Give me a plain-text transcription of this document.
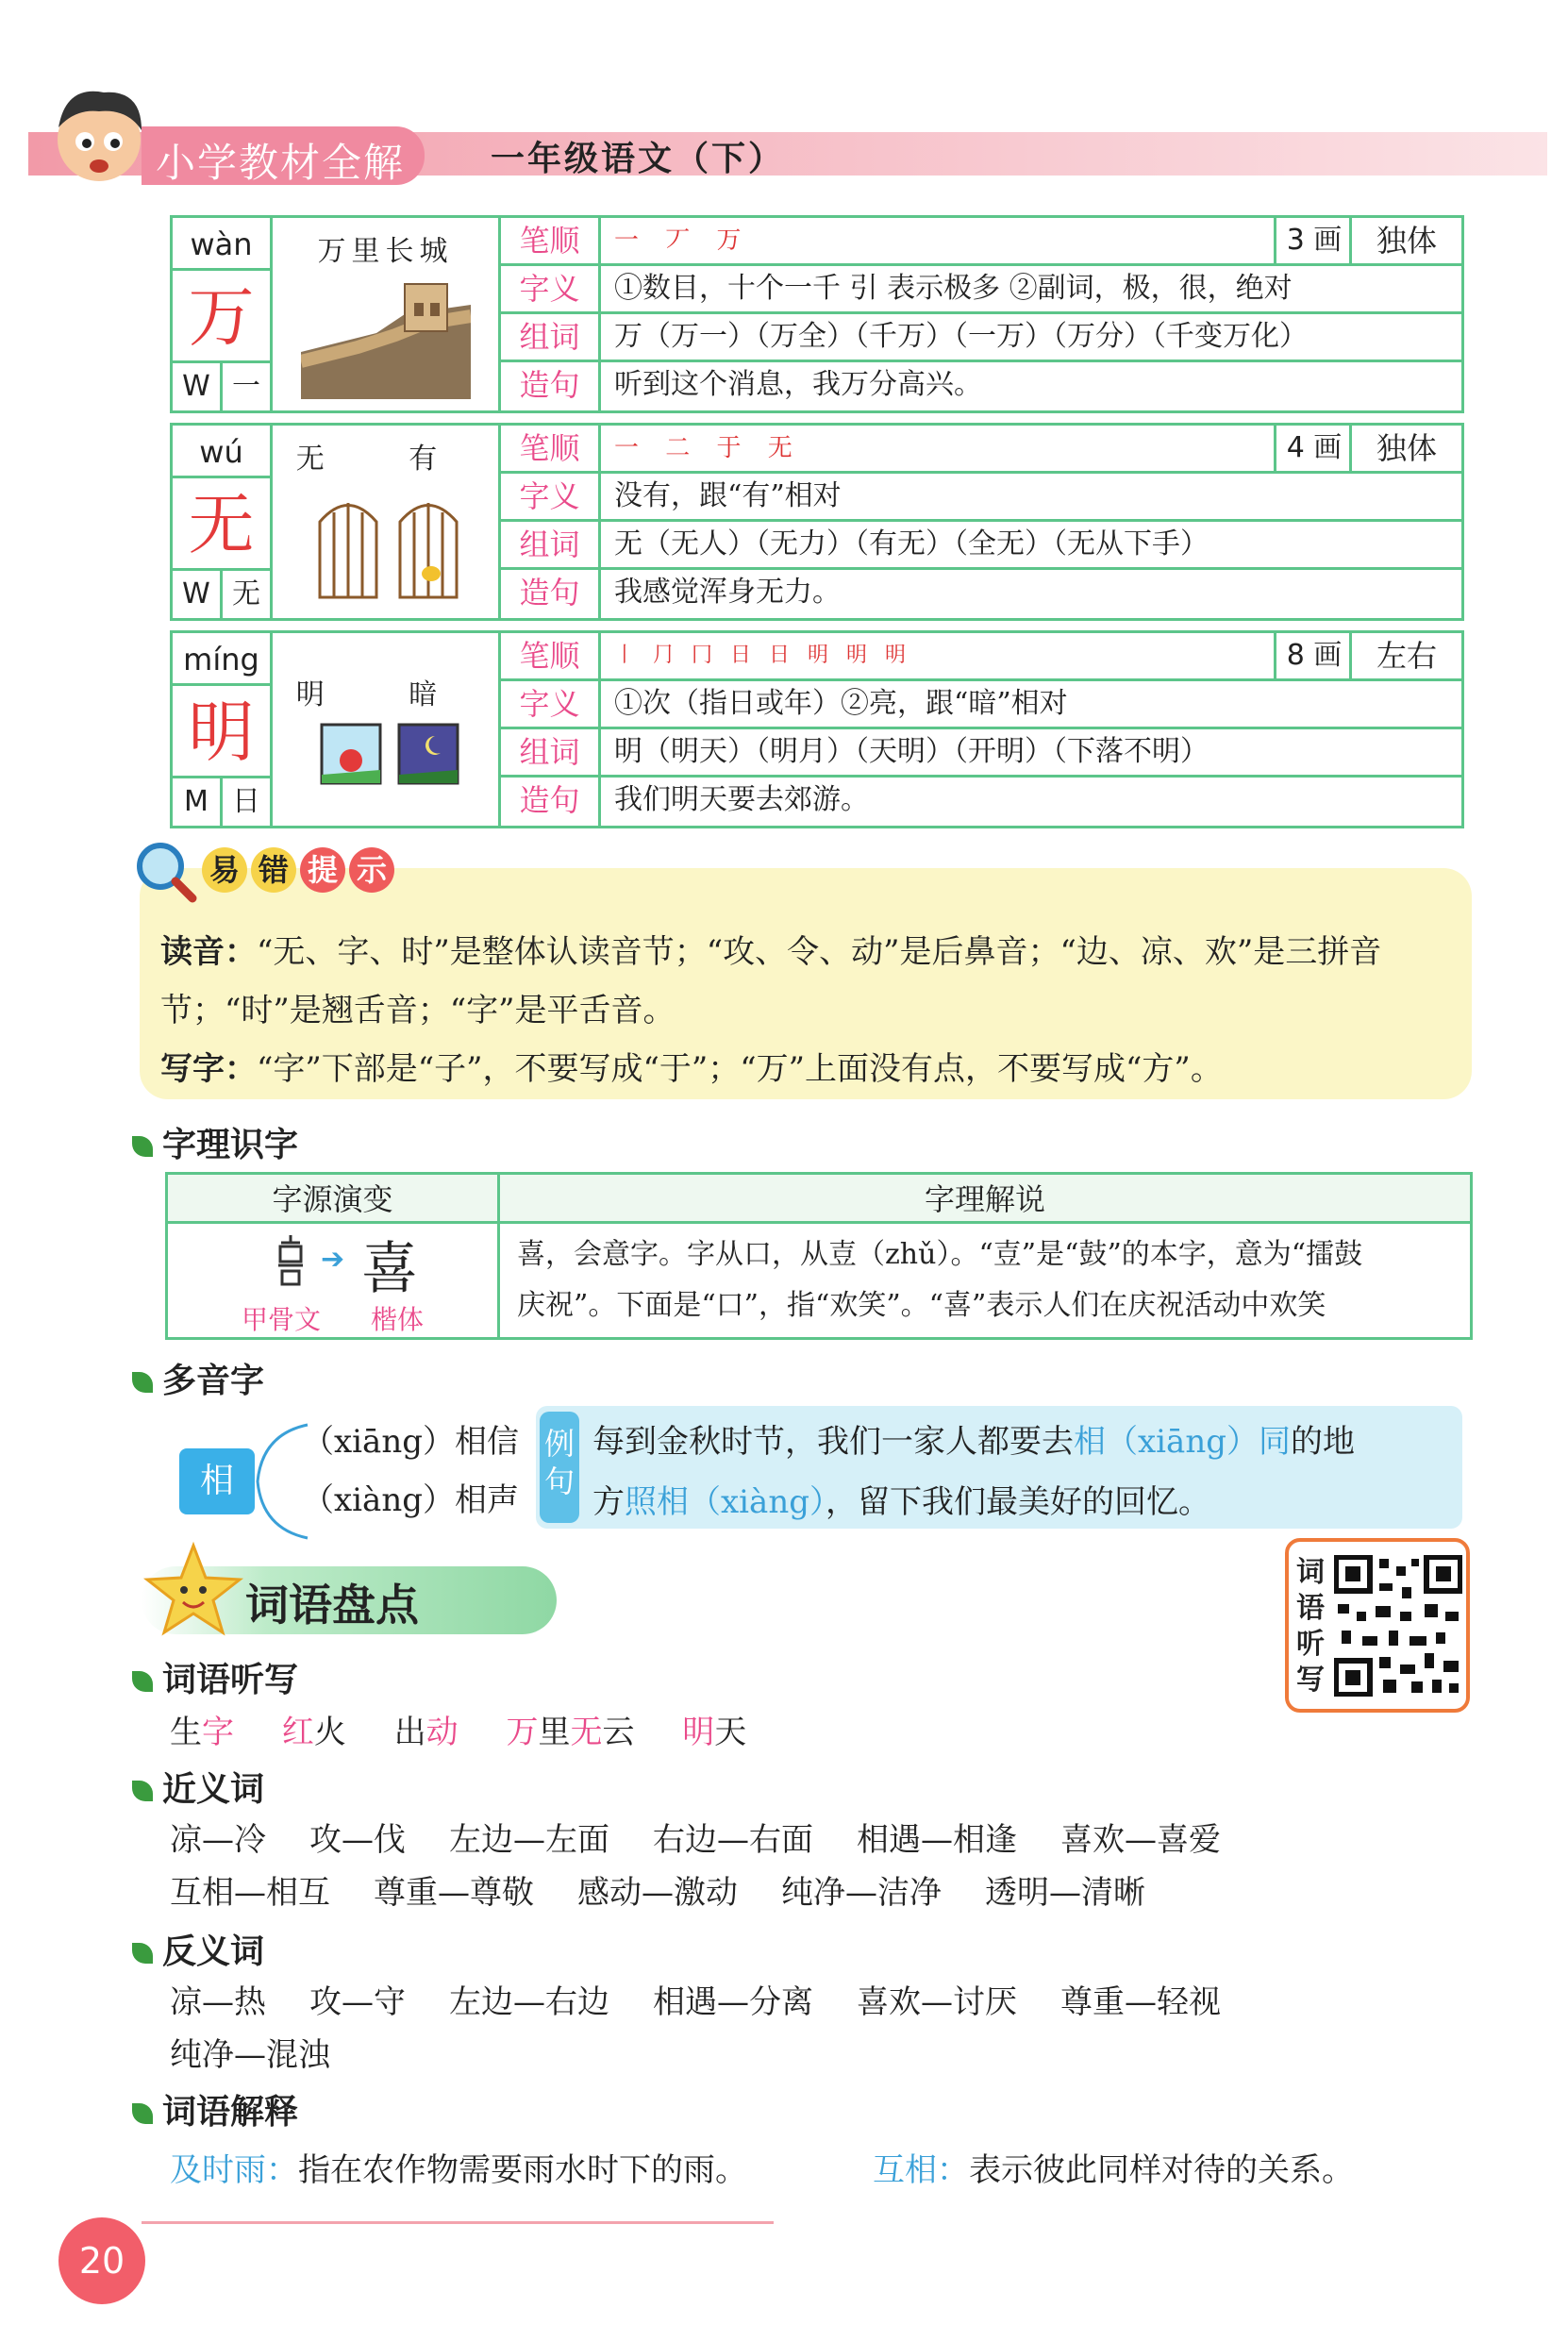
小学教材全解	一年级语文（下）
wàn
万
W 一
万里长城	笔顺	一 丆 万	3 画	独体
字义	①数目，十个一千 引 表示极多 ②副词，极，很，绝对
组词	万（万一）（万全）（千万）（一万）（万分）（千变万化）
造句	听到这个消息，我万分高兴。
wú
无
W 无
无 有	笔顺	一 二 于 无	4 画	独体
字义	没有，跟“有”相对
组词	无（无人）（无力）（有无）（全无）（无从下手）
造句	我感觉浑身无力。
míng
明
M 日
明 暗
笔顺	丨 ⺆ 冂 日 日 明 明 明	8 画	左右
字义	①次（指日或年）②亮，跟“暗”相对
组词	明（明天）（明月）（天明）（开明）（下落不明）
造句	我们明天要去郊游。
易 错 提 示
读音：“无、字、时”是整体认读音节；“攻、令、动”是后鼻音；“边、凉、欢”是三拼音
节；“时”是翘舌音；“字”是平舌音。
写字：“字”下部是“子”，不要写成“于”；“万”上面没有点，不要写成“方”。
字理识字
字源演变	字理解说
➔ 喜
甲骨文 楷体
喜，会意字。字从口，从壴（zhǔ）。“壴”是“鼓”的本字，意为“擂鼓
庆祝”。下面是“口”，指“欢笑”。“喜”表示人们在庆祝活动中欢笑
多音字
相
（xiāng）相信
（xiàng）相声
例句
每到金秋时节，我们一家人都要去相（xiāng）同的地
方照相（xiàng），留下我们最美好的回忆。
词语盘点
词语听写
词语听写
生字 红火 出动 万里无云 明天
近义词
凉—冷 攻—伐 左边—左面 右边—右面 相遇—相逢 喜欢—喜爱
互相—相互 尊重—尊敬 感动—激动 纯净—洁净 透明—清晰
反义词
凉—热 攻—守 左边—右边 相遇—分离 喜欢—讨厌 尊重—轻视
纯净—混浊
词语解释
及时雨：指在农作物需要雨水时下的雨。	互相：表示彼此同样对待的关系。
20
